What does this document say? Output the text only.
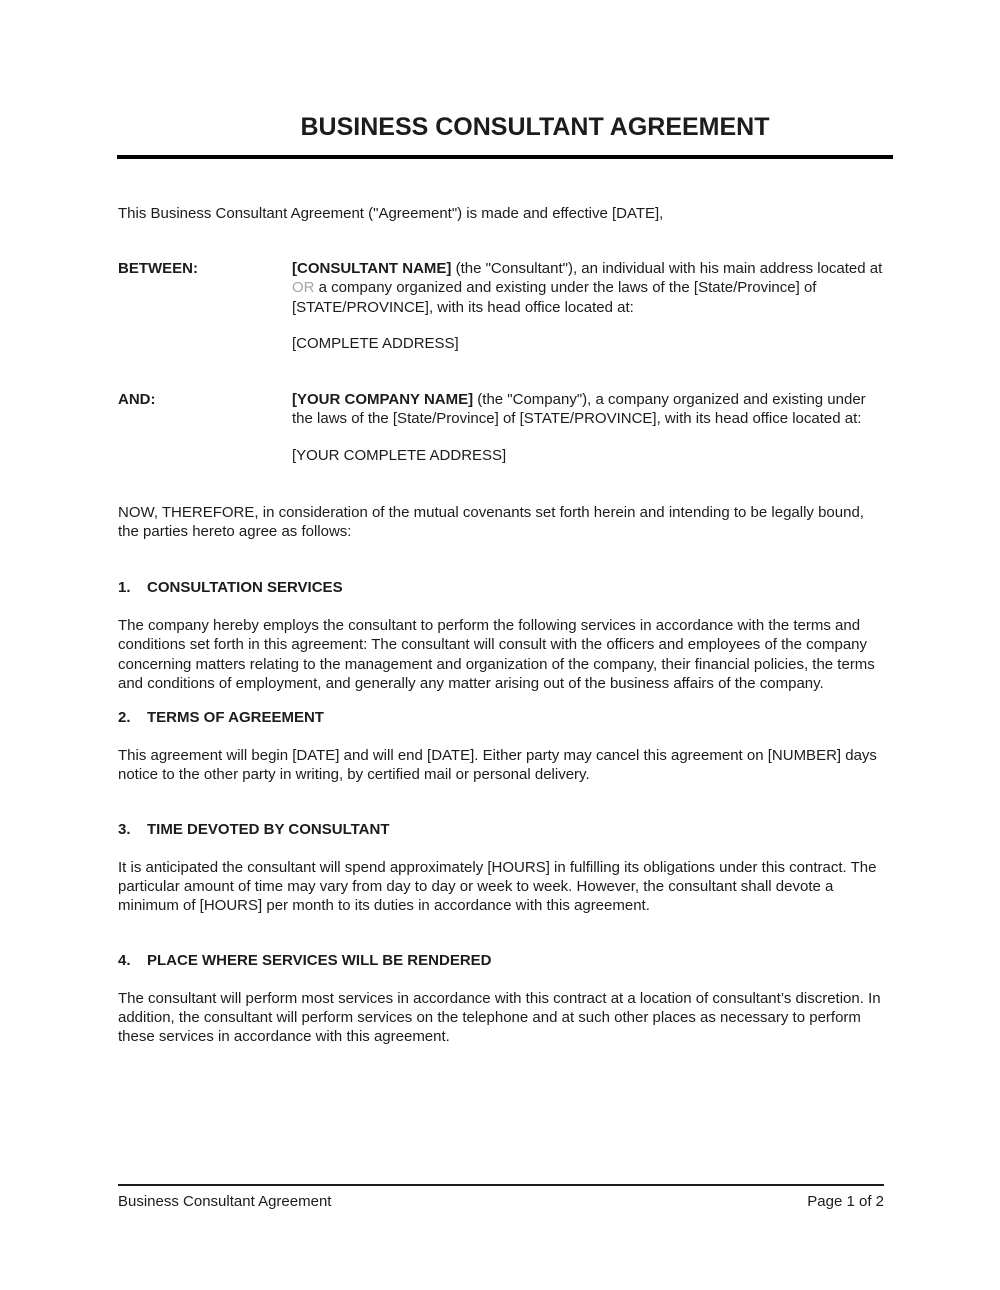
BUSINESS CONSULTANT AGREEMENT

This Business Consultant Agreement ("Agreement") is made and effective [DATE],

BETWEEN:	[CONSULTANT NAME] (the "Consultant"), an individual with his main address located at OR a company organized and existing under the laws of the [State/Province] of [STATE/PROVINCE], with its head office located at:

[COMPLETE ADDRESS]

AND:	[YOUR COMPANY NAME] (the "Company"), a company organized and existing under the laws of the [State/Province] of [STATE/PROVINCE], with its head office located at:

[YOUR COMPLETE ADDRESS]

NOW, THEREFORE, in consideration of the mutual covenants set forth herein and intending to be legally bound, the parties hereto agree as follows:

1.	CONSULTATION SERVICES

The company hereby employs the consultant to perform the following services in accordance with the terms and conditions set forth in this agreement: The consultant will consult with the officers and employees of the company concerning matters relating to the management and organization of the company, their financial policies, the terms and conditions of employment, and generally any matter arising out of the business affairs of the company.

2.	TERMS OF AGREEMENT

This agreement will begin [DATE] and will end [DATE]. Either party may cancel this agreement on [NUMBER] days notice to the other party in writing, by certified mail or personal delivery.

3.	TIME DEVOTED BY CONSULTANT

It is anticipated the consultant will spend approximately [HOURS] in fulfilling its obligations under this contract. The particular amount of time may vary from day to day or week to week. However, the consultant shall devote a minimum of [HOURS] per month to its duties in accordance with this agreement.

4.	PLACE WHERE SERVICES WILL BE RENDERED

The consultant will perform most services in accordance with this contract at a location of consultant’s discretion. In addition, the consultant will perform services on the telephone and at such other places as necessary to perform these services in accordance with this agreement.

Business Consultant Agreement	Page 1 of 2
